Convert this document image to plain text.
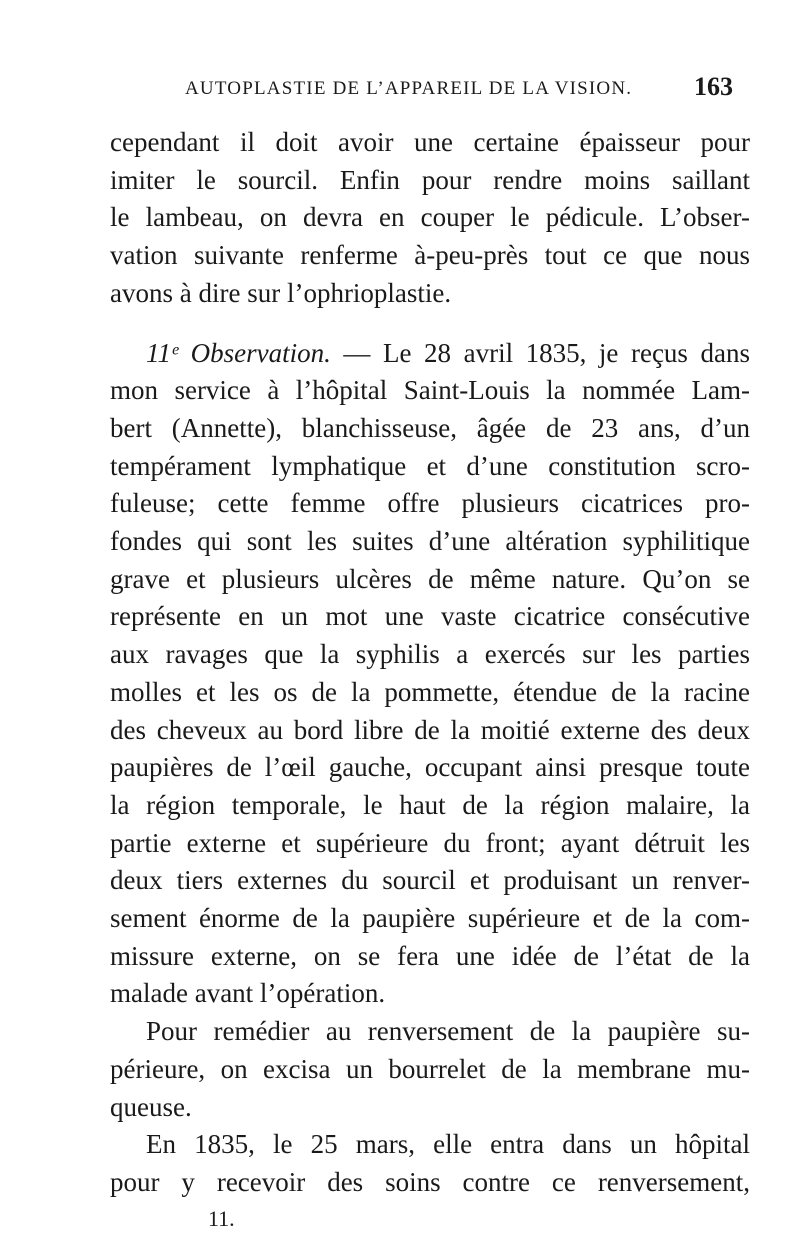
AUTOPLASTIE DE L’APPAREIL DE LA VISION. 163
cependant il doit avoir une certaine épaisseur pour
imiter le sourcil. Enfin pour rendre moins saillant
le lambeau, on devra en couper le pédicule. L’obser-
vation suivante renferme à-peu-près tout ce que nous
avons à dire sur l’ophrioplastie.
11ᵉ Observation. — Le 28 avril 1835, je reçus dans
mon service à l’hôpital Saint-Louis la nommée Lam-
bert (Annette), blanchisseuse, âgée de 23 ans, d’un
tempérament lymphatique et d’une constitution scro-
fuleuse; cette femme offre plusieurs cicatrices pro-
fondes qui sont les suites d’une altération syphilitique
grave et plusieurs ulcères de même nature. Qu’on se
représente en un mot une vaste cicatrice consécutive
aux ravages que la syphilis a exercés sur les parties
molles et les os de la pommette, étendue de la racine
des cheveux au bord libre de la moitié externe des deux
paupières de l’œil gauche, occupant ainsi presque toute
la région temporale, le haut de la région malaire, la
partie externe et supérieure du front; ayant détruit les
deux tiers externes du sourcil et produisant un renver-
sement énorme de la paupière supérieure et de la com-
missure externe, on se fera une idée de l’état de la
malade avant l’opération.
Pour remédier au renversement de la paupière su-
périeure, on excisa un bourrelet de la membrane mu-
queuse.
En 1835, le 25 mars, elle entra dans un hôpital
pour y recevoir des soins contre ce renversement,
11.
